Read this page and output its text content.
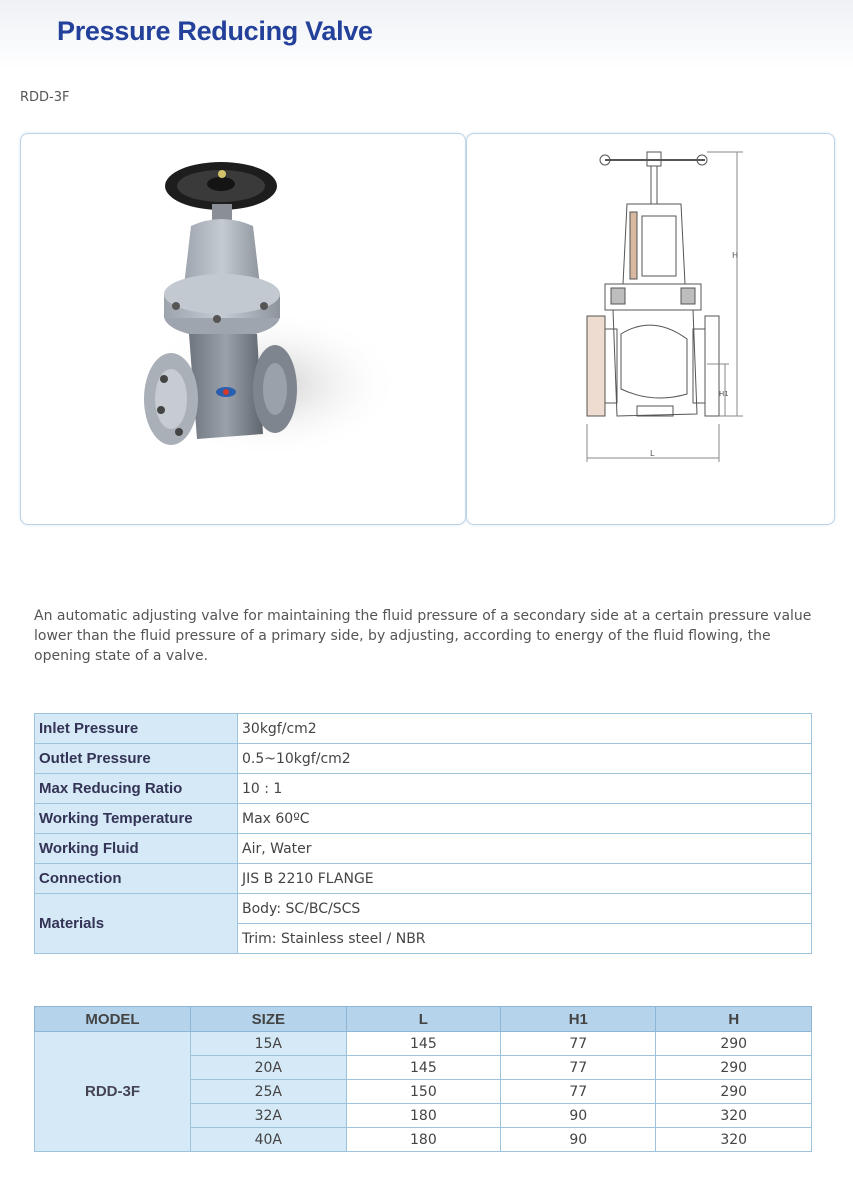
Pressure Reducing Valve
RDD-3F
L
H
H1

An automatic adjusting valve for maintaining the fluid pressure of a secondary side at a certain pressure value lower than the fluid pressure of a primary side, by adjusting, according to energy of the fluid flowing, the opening state of a valve.

Inlet Pressure	30kgf/cm2
Outlet Pressure	0.5~10kgf/cm2
Max Reducing Ratio	10 : 1
Working Temperature	Max 60ºC
Working Fluid	Air, Water
Connection	JIS B 2210 FLANGE
Materials	Body: SC/BC/SCS
	Trim: Stainless steel / NBR
MODEL	SIZE	L	H1	H
RDD-3F	15A	145	77	290
	20A	145	77	290
	25A	150	77	290
	32A	180	90	320
	40A	180	90	320
